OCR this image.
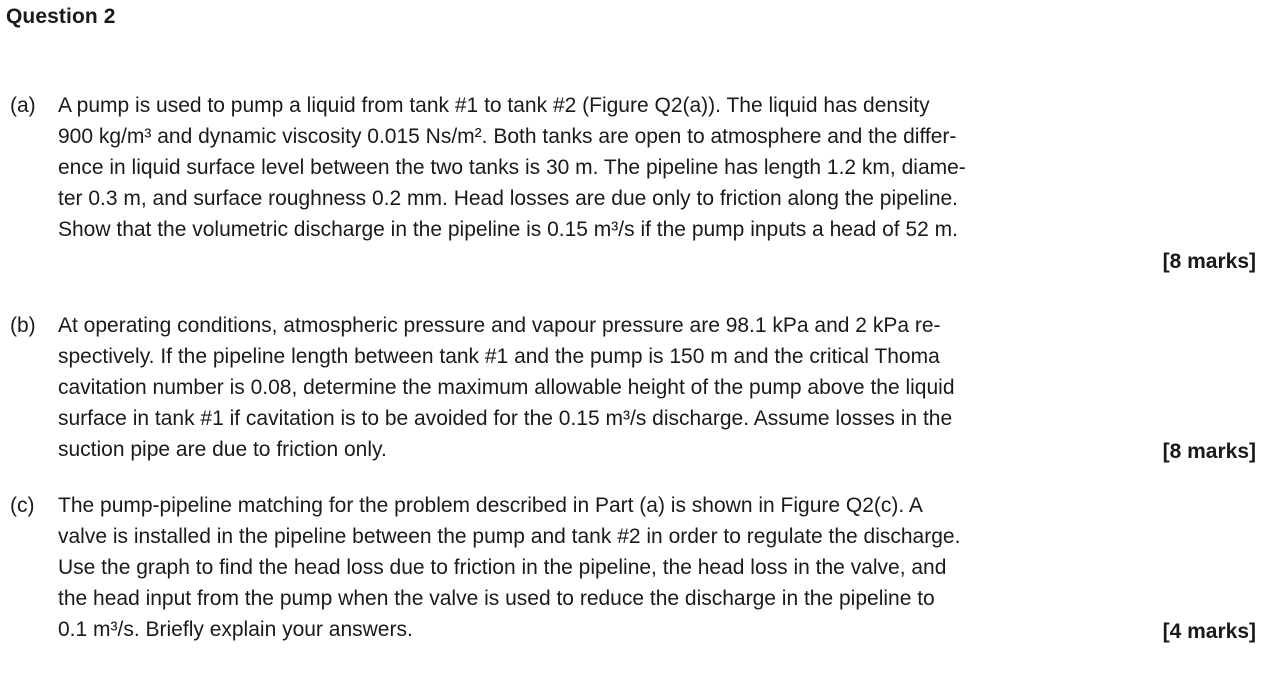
Question 2
(a) A pump is used to pump a liquid from tank #1 to tank #2 (Figure Q2(a)). The liquid has density
900 kg/m³ and dynamic viscosity 0.015 Ns/m². Both tanks are open to atmosphere and the differ-
ence in liquid surface level between the two tanks is 30 m. The pipeline has length 1.2 km, diame-
ter 0.3 m, and surface roughness 0.2 mm. Head losses are due only to friction along the pipeline.
Show that the volumetric discharge in the pipeline is 0.15 m³/s if the pump inputs a head of 52 m.
[8 marks]
(b) At operating conditions, atmospheric pressure and vapour pressure are 98.1 kPa and 2 kPa re-
spectively. If the pipeline length between tank #1 and the pump is 150 m and the critical Thoma
cavitation number is 0.08, determine the maximum allowable height of the pump above the liquid
surface in tank #1 if cavitation is to be avoided for the 0.15 m³/s discharge. Assume losses in the
suction pipe are due to friction only.	[8 marks]
(c) The pump-pipeline matching for the problem described in Part (a) is shown in Figure Q2(c). A
valve is installed in the pipeline between the pump and tank #2 in order to regulate the discharge.
Use the graph to find the head loss due to friction in the pipeline, the head loss in the valve, and
the head input from the pump when the valve is used to reduce the discharge in the pipeline to
0.1 m³/s. Briefly explain your answers.	[4 marks]
